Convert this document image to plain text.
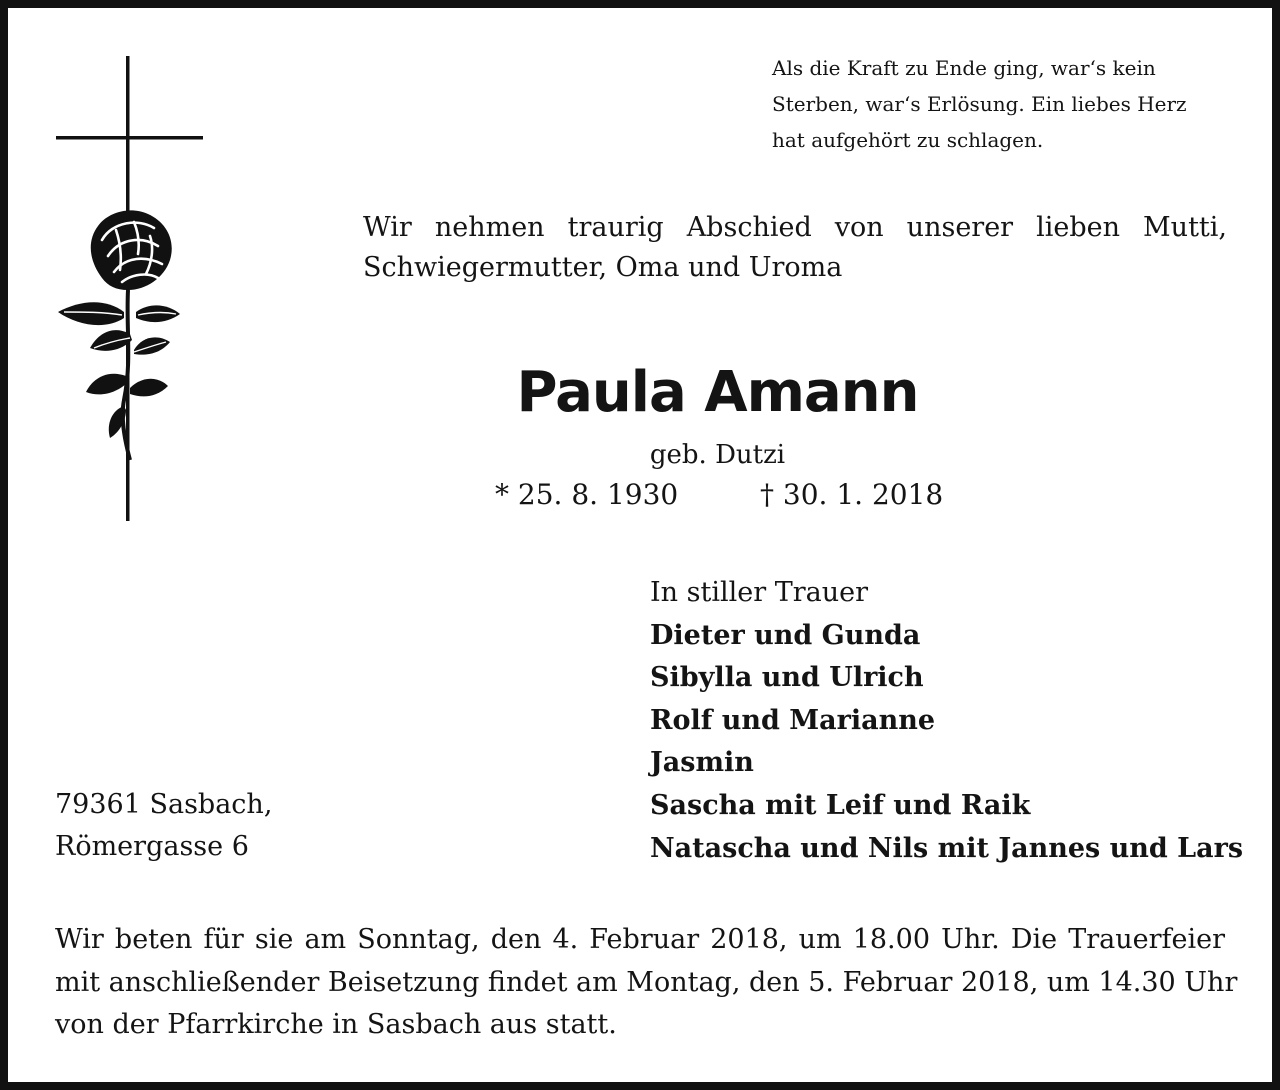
Als die Kraft zu Ende ging, war‘s kein
Sterben, war‘s Erlösung. Ein liebes Herz
hat aufgehört zu schlagen.
Wir nehmen traurig Abschied von unserer lieben Mutti,
Schwiegermutter, Oma und Uroma
Paula Amann
geb. Dutzi
* 25. 8. 1930	† 30. 1. 2018
In stiller Trauer
Dieter und Gunda
Sibylla und Ulrich
Rolf und Marianne
Jasmin
Sascha mit Leif und Raik
Natascha und Nils mit Jannes und Lars
79361 Sasbach,
Römergasse 6
Wir beten für sie am Sonntag, den 4. Februar 2018, um 18.00 Uhr. Die Trauerfeier
mit anschließender Beisetzung findet am Montag, den 5. Februar 2018, um 14.30 Uhr
von der Pfarrkirche in Sasbach aus statt.
